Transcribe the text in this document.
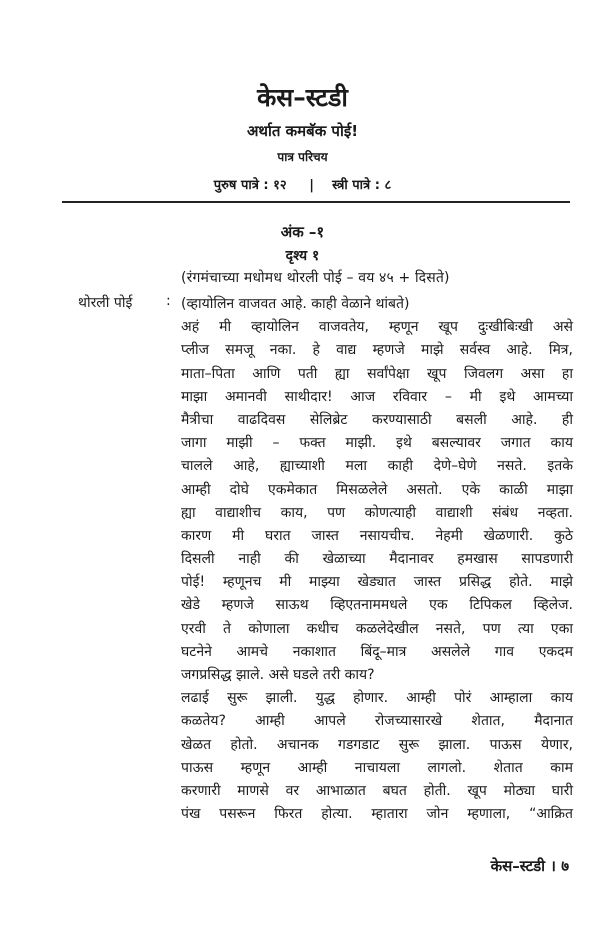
केस–स्टडी
अर्थात कमबॅक पोई!
पात्र परिचय
पुरुष पात्रे : १२     |    स्त्री पात्रे : ८
अंक –१
दृश्य १
(रंगमंचाच्या मधोमध थोरली पोई – वय ४५ + दिसते)
थोरली पोई : (व्हायोलिन वाजवत आहे. काही वेळाने थांबते)
अहं मी व्हायोलिन वाजवतेय, म्हणून खूप दुःखीबिःखी असे
प्लीज समजू नका. हे वाद्य म्हणजे माझे सर्वस्व आहे. मित्र,
माता–पिता आणि पती ह्या सर्वांपेक्षा खूप जिवलग असा हा
माझा अमानवी साथीदार! आज रविवार – मी इथे आमच्या
मैत्रीचा वाढदिवस सेलिब्रेट करण्यासाठी बसली आहे. ही
जागा माझी – फक्त माझी. इथे बसल्यावर जगात काय
चालले आहे, ह्याच्याशी मला काही देणे–घेणे नसते. इतके
आम्ही दोघे एकमेकात मिसळलेले असतो. एके काळी माझा
ह्या वाद्याशीच काय, पण कोणत्याही वाद्याशी संबंध नव्हता.
कारण मी घरात जास्त नसायचीच. नेहमी खेळणारी. कुठे
दिसली नाही की खेळाच्या मैदानावर हमखास सापडणारी
पोई! म्हणूनच मी माझ्या खेड्यात जास्त प्रसिद्ध होते. माझे
खेडे म्हणजे साऊथ व्हिएतनाममधले एक टिपिकल व्हिलेज.
एरवी ते कोणाला कधीच कळलेदेखील नसते, पण त्या एका
घटनेने आमचे नकाशात बिंदू–मात्र असलेले गाव एकदम
जगप्रसिद्ध झाले. असे घडले तरी काय?
लढाई सुरू झाली. युद्ध होणार. आम्ही पोरं आम्हाला काय
कळतेय? आम्ही आपले रोजच्यासारखे शेतात, मैदानात
खेळत होतो. अचानक गडगडाट सुरू झाला. पाऊस येणार,
पाऊस म्हणून आम्ही नाचायला लागलो. शेतात काम
करणारी माणसे वर आभाळात बघत होती. खूप मोठ्या घारी
पंख पसरून फिरत होत्या. म्हातारा जोन म्हणाला, “आक्रित
केस–स्टडी । ७
